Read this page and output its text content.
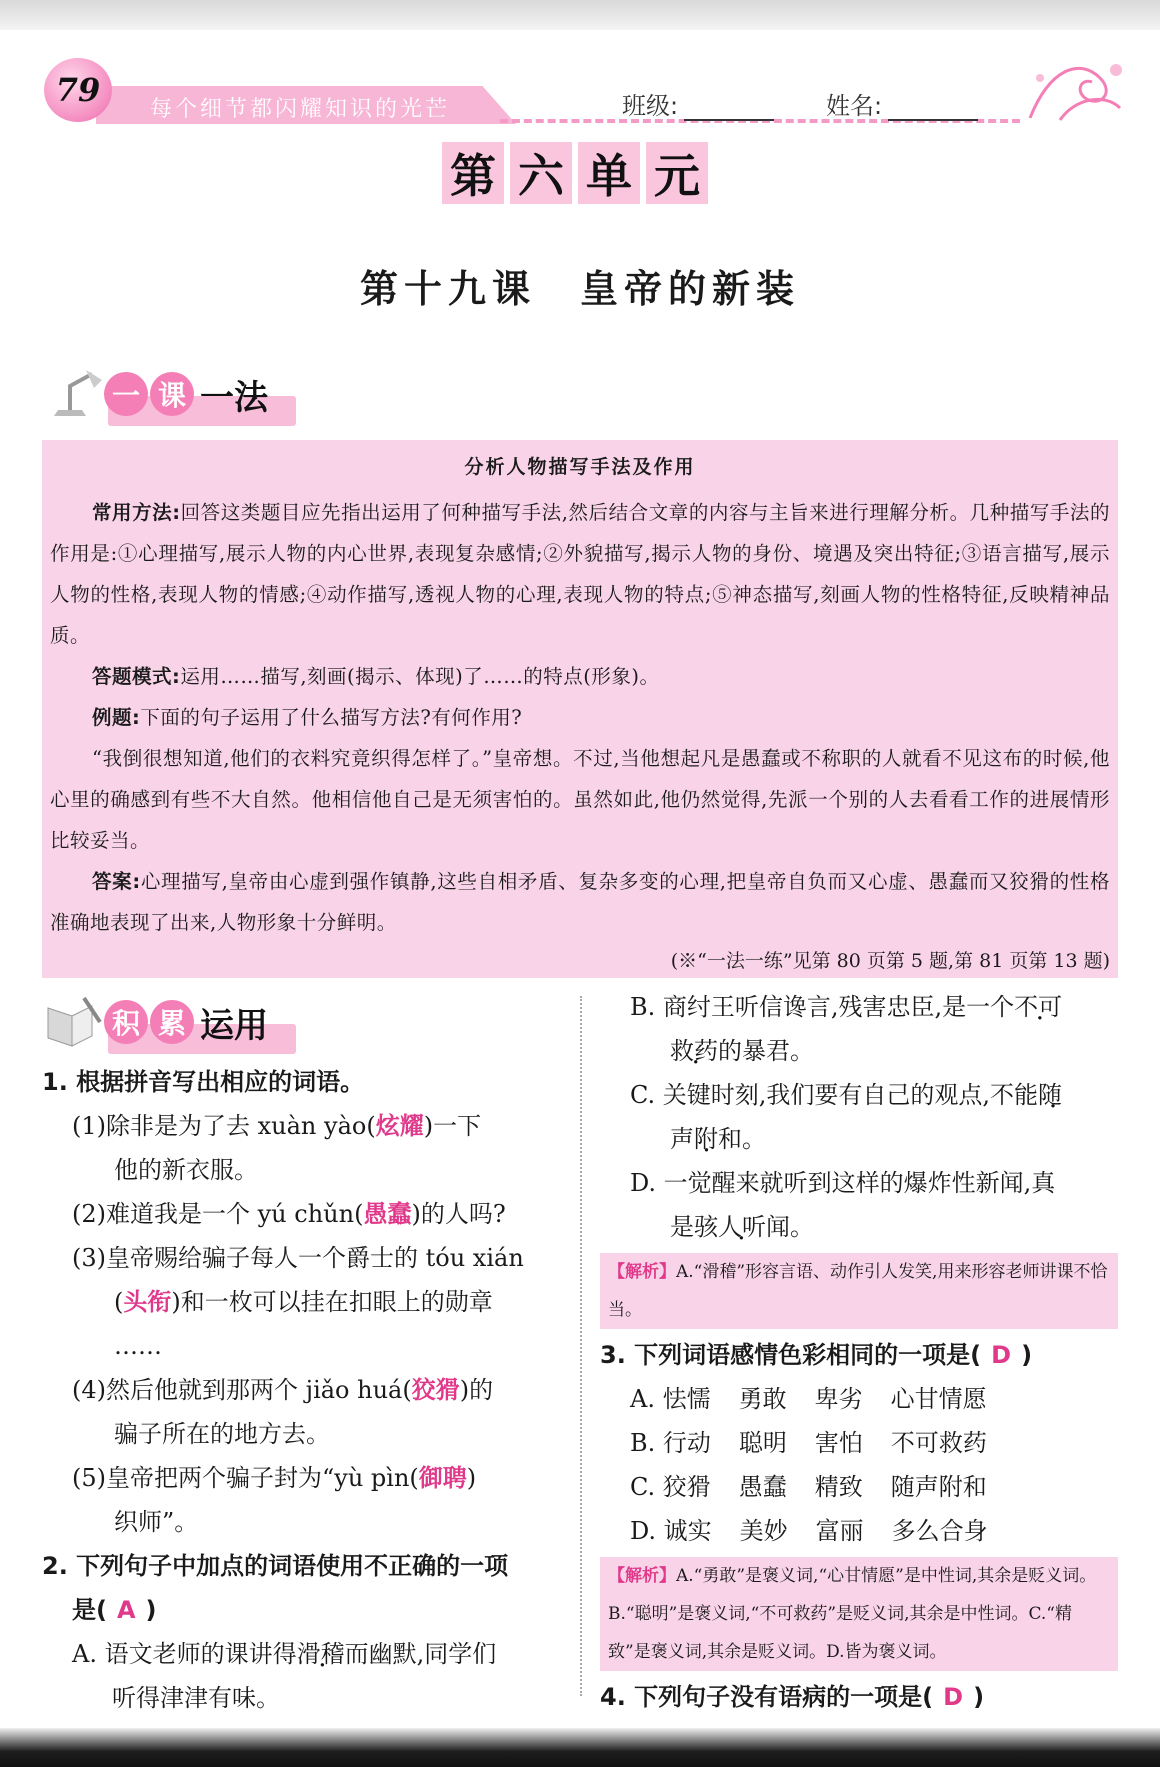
79
每个细节都闪耀知识的光芒	班级:	姓名:
第 六 单 元
第十九课　皇帝的新装
一 课 一法
分析人物描写手法及作用

常用方法:回答这类题目应先指出运用了何种描写手法,然后结合文章的内容与主旨来进行理解分析。几种描写手法的作用是:①心理描写,展示人物的内心世界,表现复杂感情;②外貌描写,揭示人物的身份、境遇及突出特征;③语言描写,展示人物的性格,表现人物的情感;④动作描写,透视人物的心理,表现人物的特点;⑤神态描写,刻画人物的性格特征,反映精神品质。

答题模式:运用……描写,刻画(揭示、体现)了……的特点(形象)。

例题:下面的句子运用了什么描写方法?有何作用?

“我倒很想知道,他们的衣料究竟织得怎样了。”皇帝想。不过,当他想起凡是愚蠢或不称职的人就看不见这布的时候,他心里的确感到有些不大自然。他相信他自己是无须害怕的。虽然如此,他仍然觉得,先派一个别的人去看看工作的进展情形比较妥当。

答案:心理描写,皇帝由心虚到强作镇静,这些自相矛盾、复杂多变的心理,把皇帝自负而又心虚、愚蠢而又狡猾的性格准确地表现了出来,人物形象十分鲜明。

(※“一法一练”见第 80 页第 5 题,第 81 页第 13 题)
积 累 运用
1. 根据拼音写出相应的词语。
(1)除非是为了去 xuàn yào(炫耀)一下
他的新衣服。
(2)难道我是一个 yú chǔn(愚蠢)的人吗?
(3)皇帝赐给骗子每人一个爵士的 tóu xián
(头衔)和一枚可以挂在扣眼上的勋章
……
(4)然后他就到那两个 jiǎo huá(狡猾)的
骗子所在的地方去。
(5)皇帝把两个骗子封为“yù pìn(御聘)
织师”。
2. 下列句子中加点的词语使用不正确的一项
是( A )
A. 语文老师的课讲得滑稽而幽默,同学们
听得津津有味。
B. 商纣王听信谗言,残害忠臣,是一个不可
救药的暴君。
C. 关键时刻,我们要有自己的观点,不能随
声附和。
D. 一觉醒来就听到这样的爆炸性新闻,真
是骇人听闻。
【解析】A.“滑稽”形容言语、动作引人发笑,用来形容老师讲课不恰当。
3. 下列词语感情色彩相同的一项是( D )
A. 怯懦 勇敢 卑劣 心甘情愿
B. 行动 聪明 害怕 不可救药
C. 狡猾 愚蠢 精致 随声附和
D. 诚实 美妙 富丽 多么合身
【解析】A.“勇敢”是褒义词,“心甘情愿”是中性词,其余是贬义词。B.“聪明”是褒义词,“不可救药”是贬义词,其余是中性词。C.“精致”是褒义词,其余是贬义词。D.皆为褒义词。
4. 下列句子没有语病的一项是( D )
